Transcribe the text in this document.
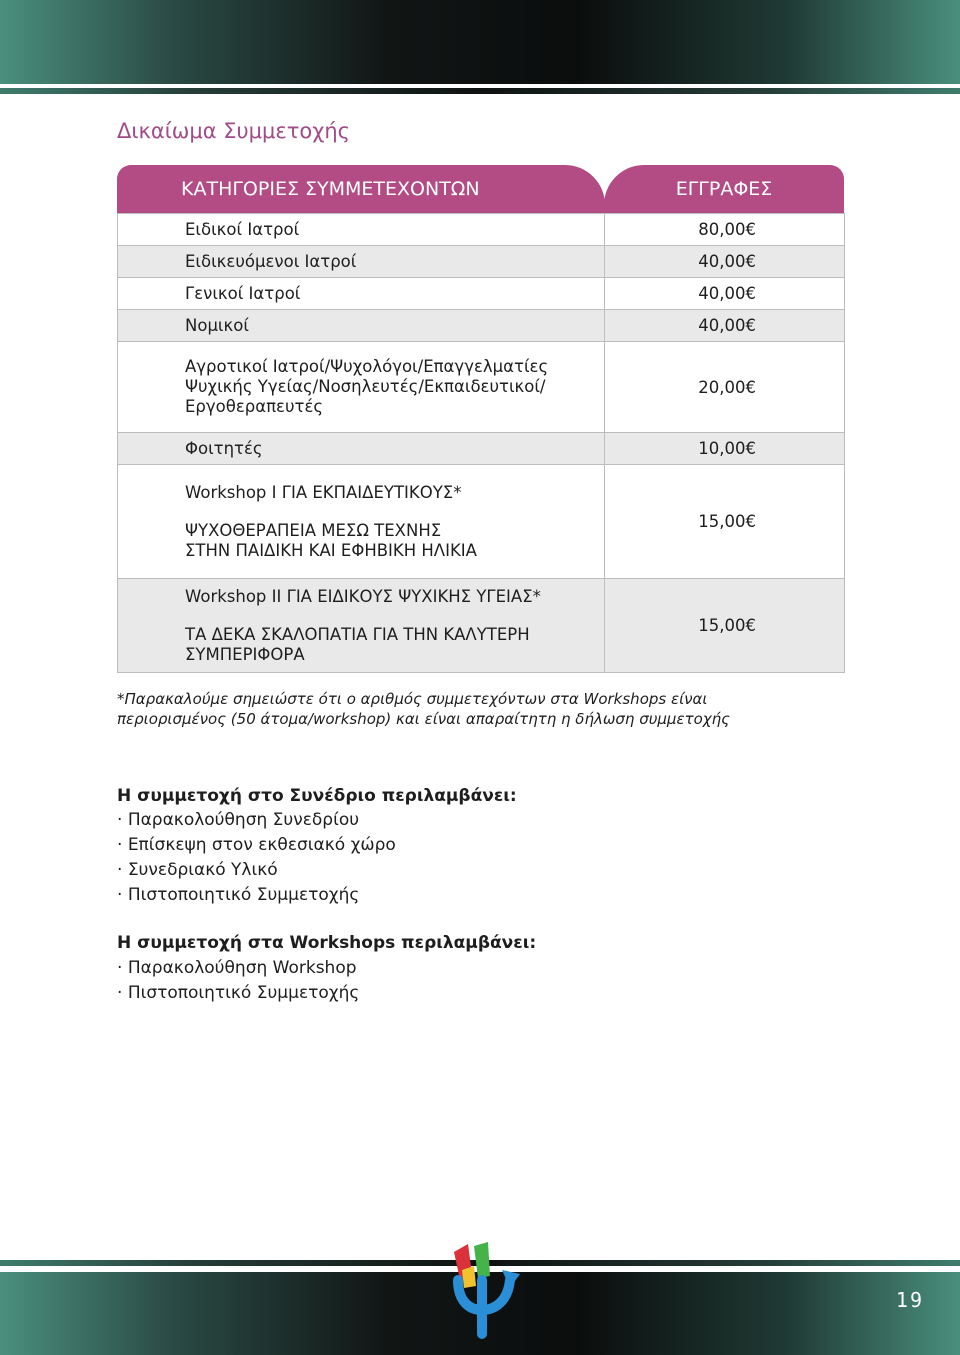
Δικαίωμα Συμμετοχής
ΚΑΤΗΓΟΡΙΕΣ ΣΥΜΜΕΤΕΧΟΝΤΩΝ	ΕΓΓΡΑΦΕΣ
Ειδικοί Ιατροί	80,00€
Ειδικευόμενοι Ιατροί	40,00€
Γενικοί Ιατροί	40,00€
Νομικοί	40,00€

Αγροτικοί Ιατροί/Ψυχολόγοι/Επαγγελματίες
Ψυχικής Υγείας/Νοσηλευτές/Εκπαιδευτικοί/
Εργοθεραπευτές	20,00€
Φοιτητές	10,00€

Workshop I ΓΙΑ ΕΚΠΑΙΔΕΥΤΙΚΟΥΣ*
ΨΥΧΟΘΕΡΑΠΕΙΑ ΜΕΣΩ ΤΕΧΝΗΣ
ΣΤΗΝ ΠΑΙΔΙΚΗ ΚΑΙ ΕΦΗΒΙΚΗ ΗΛΙΚΙΑ	15,00€

Workshop II ΓΙΑ ΕΙΔΙΚΟΥΣ ΨΥΧΙΚΗΣ ΥΓΕΙΑΣ*
ΤΑ ΔΕΚΑ ΣΚΑΛΟΠΑΤΙΑ ΓΙΑ ΤΗΝ ΚΑΛΥΤΕΡΗ
ΣΥΜΠΕΡΙΦΟΡΑ	15,00€

*Παρακαλούμε σημειώστε ότι ο αριθμός συμμετεχόντων στα Workshops είναι
περιορισμένος (50 άτομα/workshop) και είναι απαραίτητη η δήλωση συμμετοχής

Η συμμετοχή στο Συνέδριο περιλαμβάνει:
· Παρακολούθηση Συνεδρίου
· Επίσκεψη στον εκθεσιακό χώρο
· Συνεδριακό Υλικό
· Πιστοποιητικό Συμμετοχής
Η συμμετοχή στα Workshops περιλαμβάνει:
· Παρακολούθηση Workshop
· Πιστοποιητικό Συμμετοχής
19
